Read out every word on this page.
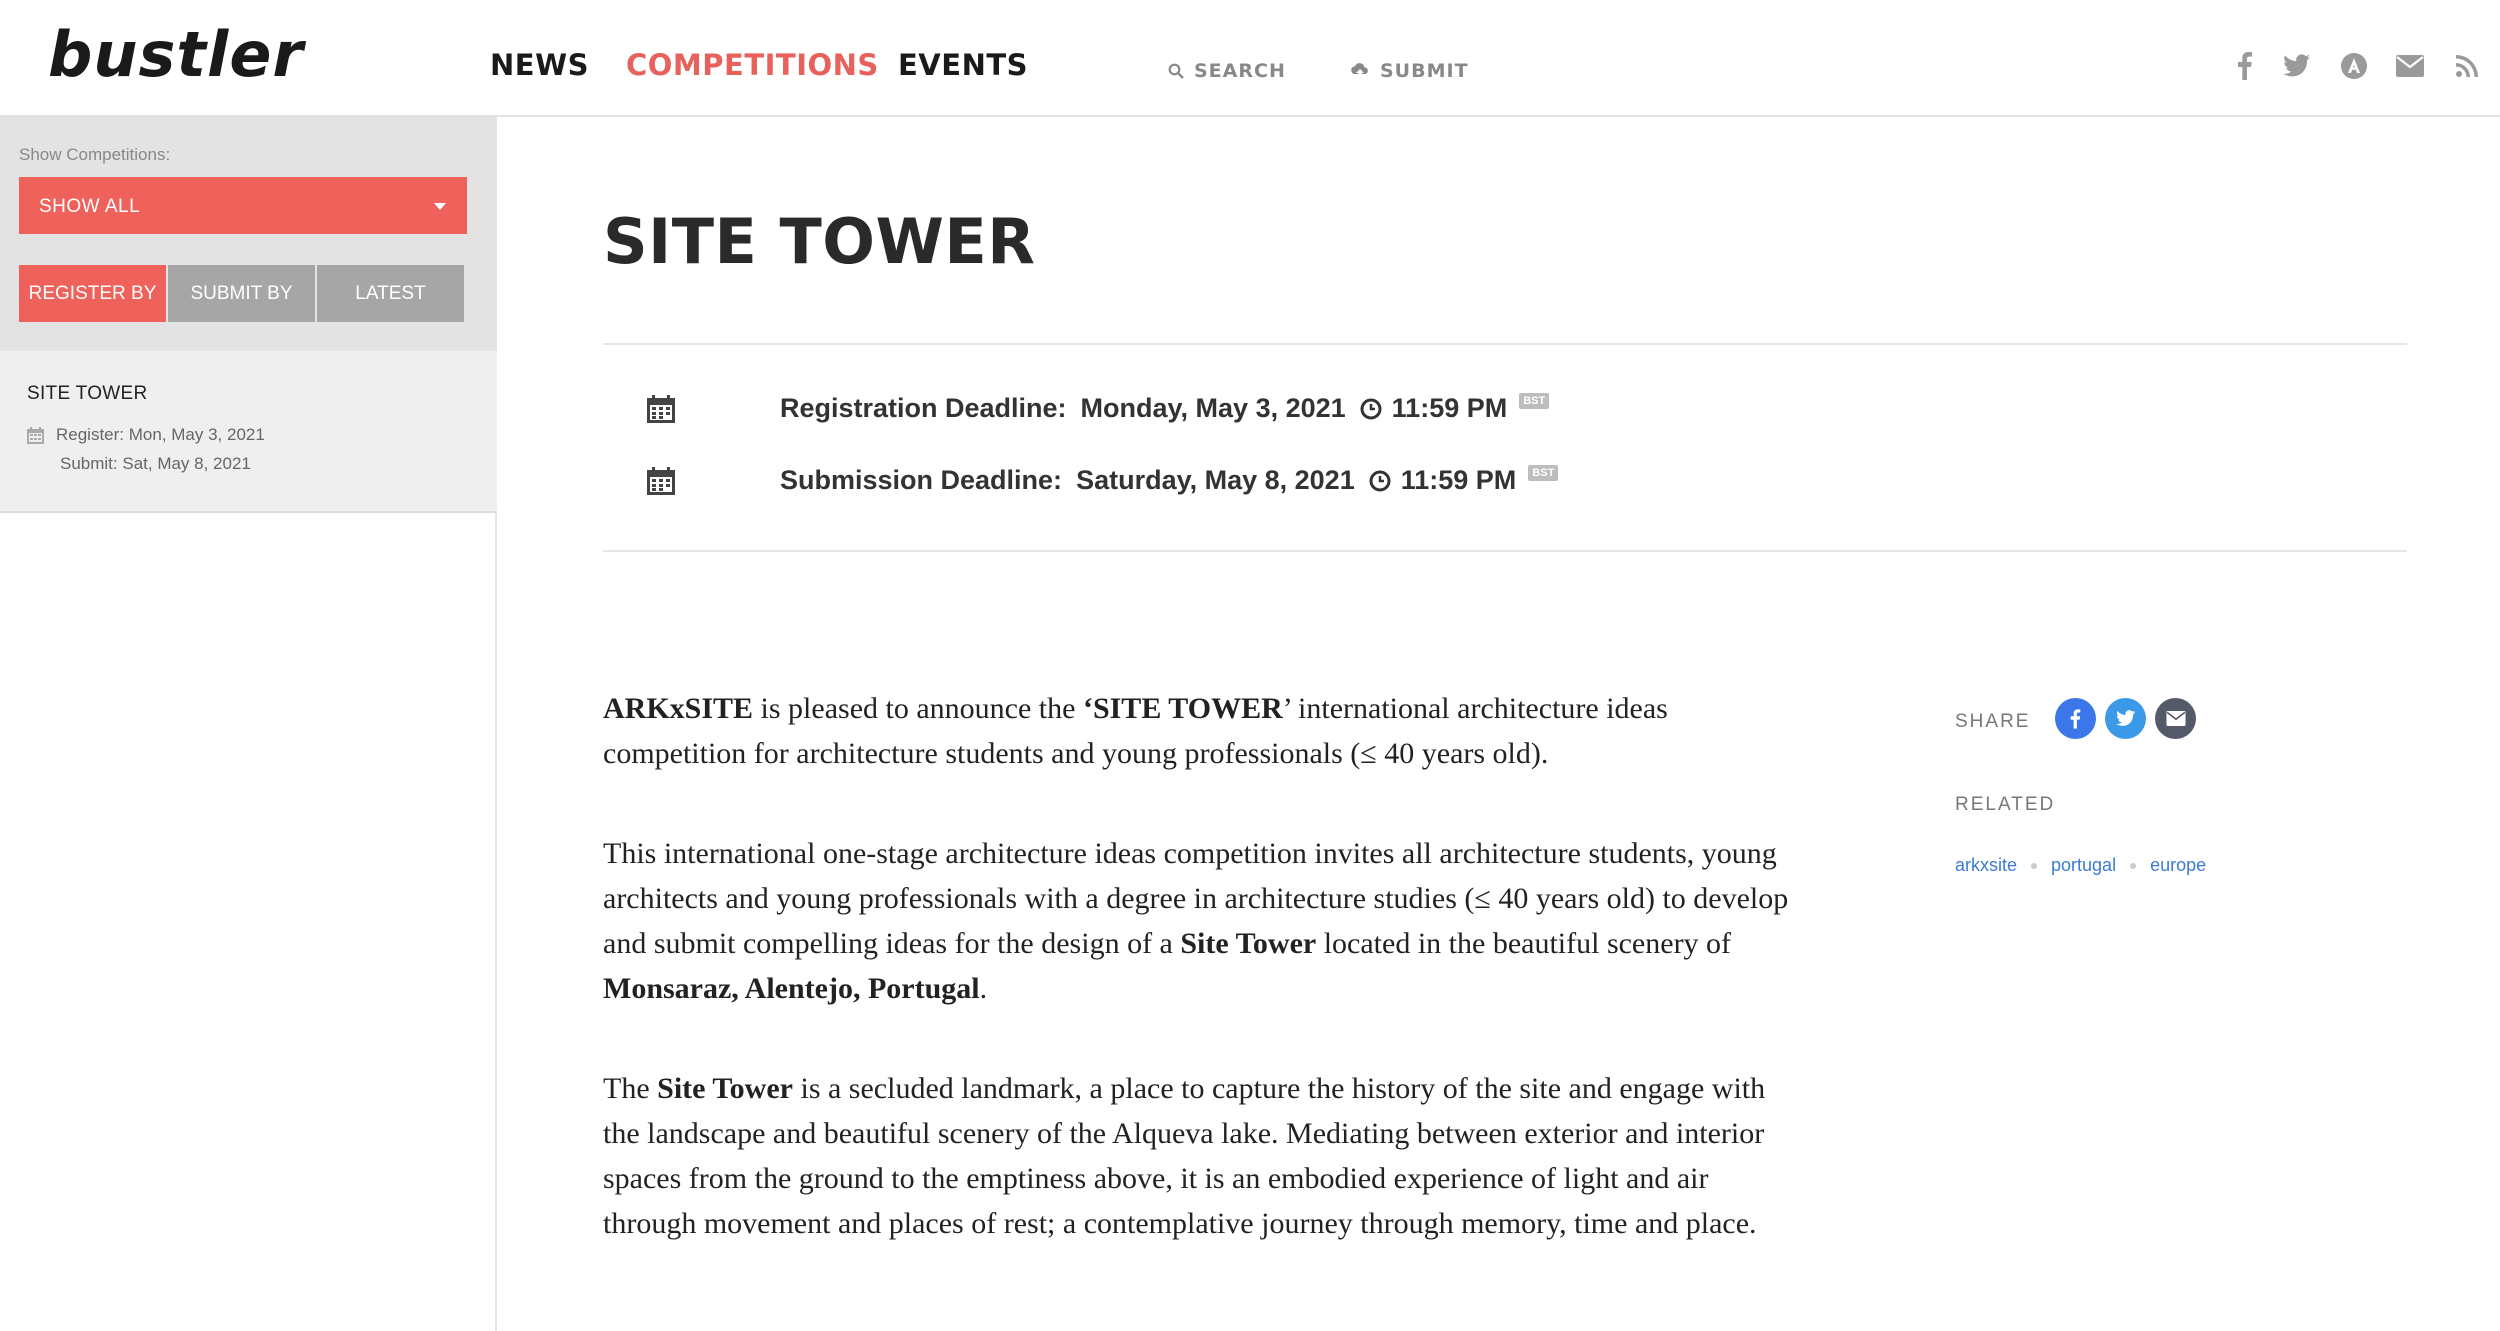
bustler	NEWS COMPETITIONS EVENTS	SEARCH	SUBMIT
Show Competitions:
SHOW ALL
REGISTER BY	SUBMIT BY	LATEST
SITE TOWER
Register: Mon, May 3, 2021
Submit: Sat, May 8, 2021
SITE TOWER
Registration Deadline: Monday, May 3, 2021 11:59 PM	BST
Submission Deadline: Saturday, May 8, 2021 11:59 PM	BST

ARKxSITE is pleased to announce the ‘SITE TOWER’ international architecture ideas competition for architecture students and young professionals (≤ 40 years old).

This international one-stage architecture ideas competition invites all architecture students, young architects and young professionals with a degree in architecture studies (≤ 40 years old) to develop and submit compelling ideas for the design of a Site Tower located in the beautiful scenery of Monsaraz, Alentejo, Portugal.

The Site Tower is a secluded landmark, a place to capture the history of the site and engage with the landscape and beautiful scenery of the Alqueva lake. Mediating between exterior and interior spaces from the ground to the emptiness above, it is an embodied experience of light and air through movement and places of rest; a contemplative journey through memory, time and place.

SHARE
RELATED
arkxsite portugal europe
